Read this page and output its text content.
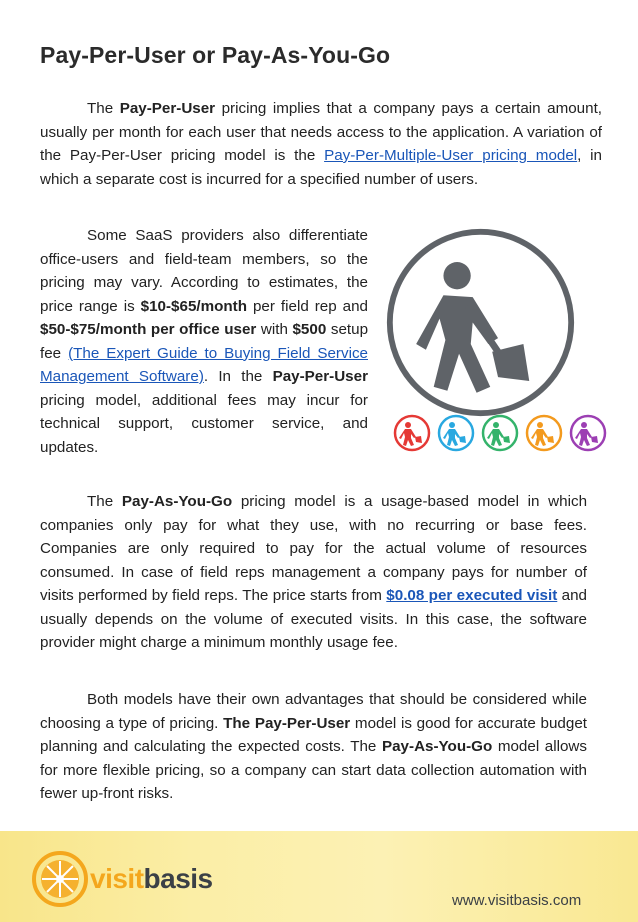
Pay-Per-User or Pay-As-You-Go

The Pay-Per-User pricing implies that a company pays a certain amount, usually per month for each user that needs access to the application. A variation of the Pay-Per-User pricing model is the Pay-Per-Multiple-User pricing model, in which a separate cost is incurred for a specified number of users.

Some SaaS providers also differentiate office-users and field-team members, so the pricing may vary. According to estimates, the price range is $10-$65/month per field rep and $50-$75/month per office user with $500 setup fee (The Expert Guide to Buying Field Service Management Software). In the Pay-Per-User pricing model, additional fees may incur for technical support, customer service, and updates.

The Pay-As-You-Go pricing model is a usage-based model in which companies only pay for what they use, with no recurring or base fees. Companies are only required to pay for the actual volume of resources consumed. In case of field reps management a company pays for number of visits performed by field reps. The price starts from $0.08 per executed visit and usually depends on the volume of executed visits. In this case, the software provider might charge a minimum monthly usage fee.

Both models have their own advantages that should be considered while choosing a type of pricing. The Pay-Per-User model is good for accurate budget planning and calculating the expected costs. The Pay-As-You-Go model allows for more flexible pricing, so a company can start data collection automation with fewer up-front risks.

visitbasis
www.visitbasis.com
